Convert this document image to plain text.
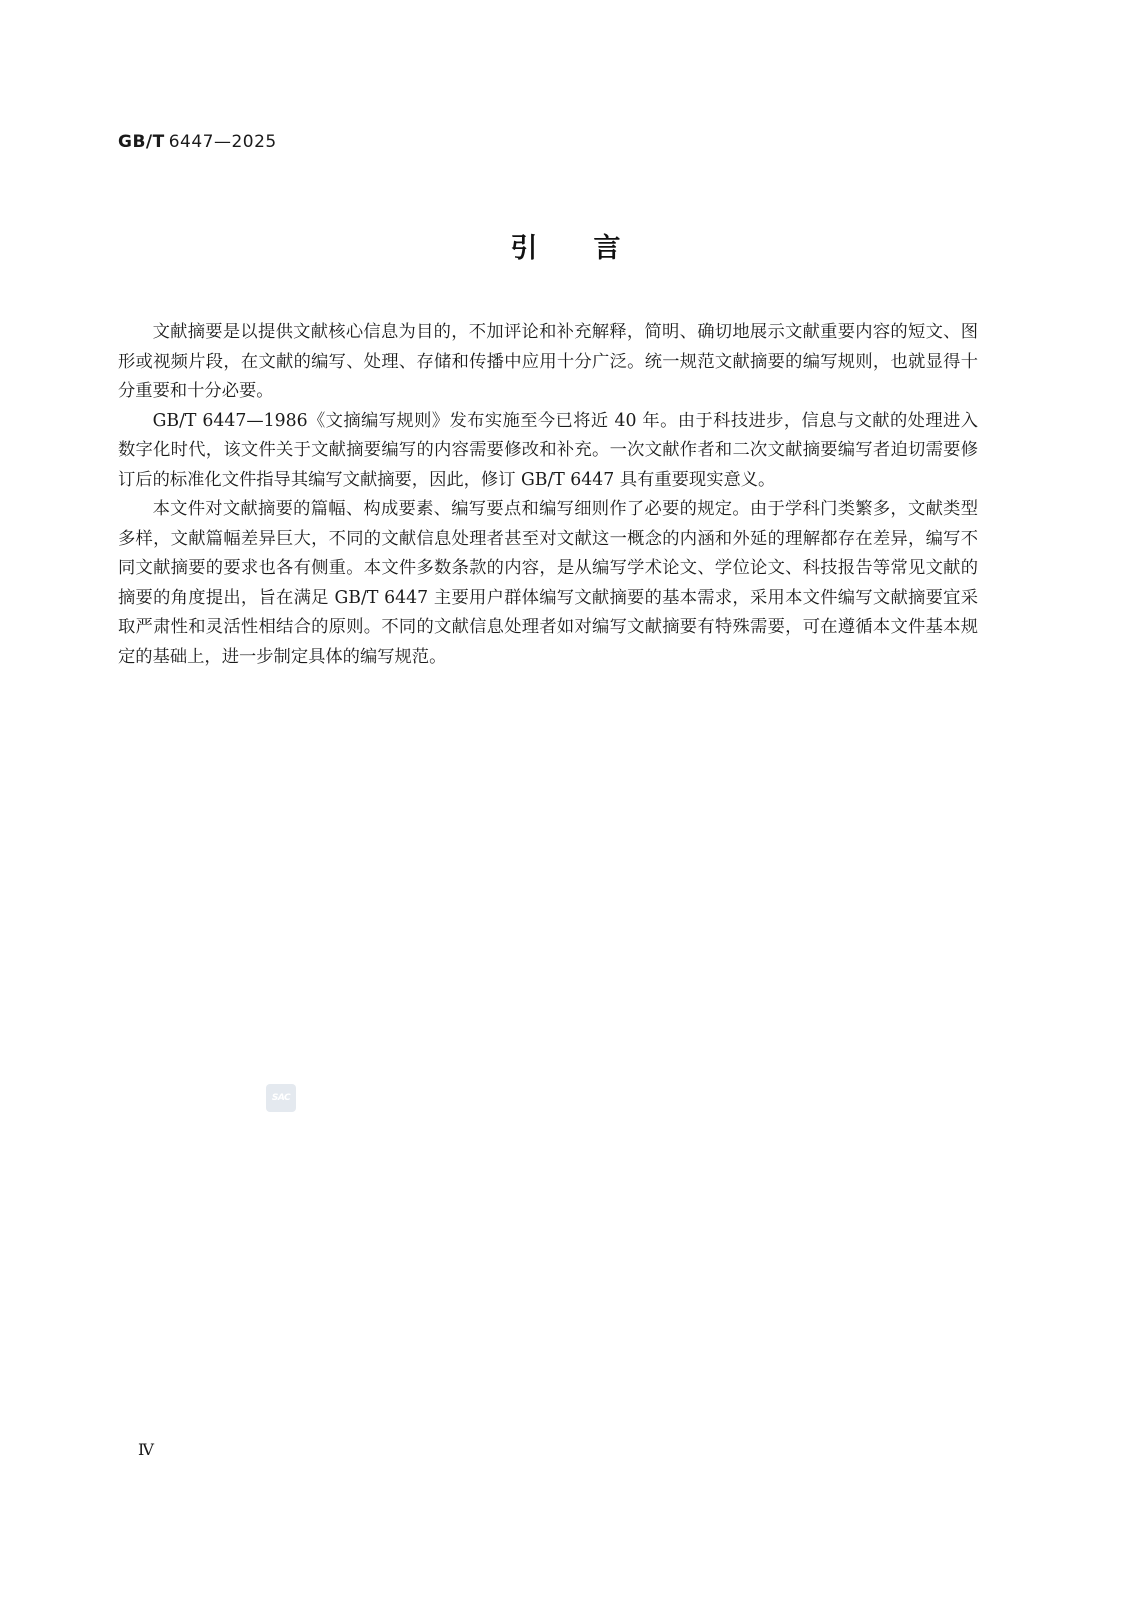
GB/T 6447—2025
引言

文献摘要是以提供文献核心信息为目的，不加评论和补充解释，简明、确切地展示文献重要内容的短文、图形或视频片段，在文献的编写、处理、存储和传播中应用十分广泛。统一规范文献摘要的编写规则，也就显得十分重要和十分必要。

GB/T 6447—1986《文摘编写规则》发布实施至今已将近 40 年。由于科技进步，信息与文献的处理进入数字化时代，该文件关于文献摘要编写的内容需要修改和补充。一次文献作者和二次文献摘要编写者迫切需要修订后的标准化文件指导其编写文献摘要，因此，修订 GB/T 6447 具有重要现实意义。

本文件对文献摘要的篇幅、构成要素、编写要点和编写细则作了必要的规定。由于学科门类繁多，文献类型多样，文献篇幅差异巨大，不同的文献信息处理者甚至对文献这一概念的内涵和外延的理解都存在差异，编写不同文献摘要的要求也各有侧重。本文件多数条款的内容，是从编写学术论文、学位论文、科技报告等常见文献的摘要的角度提出，旨在满足 GB/T 6447 主要用户群体编写文献摘要的基本需求，采用本文件编写文献摘要宜采取严肃性和灵活性相结合的原则。不同的文献信息处理者如对编写文献摘要有特殊需要，可在遵循本文件基本规定的基础上，进一步制定具体的编写规范。

SAC
Ⅳ
